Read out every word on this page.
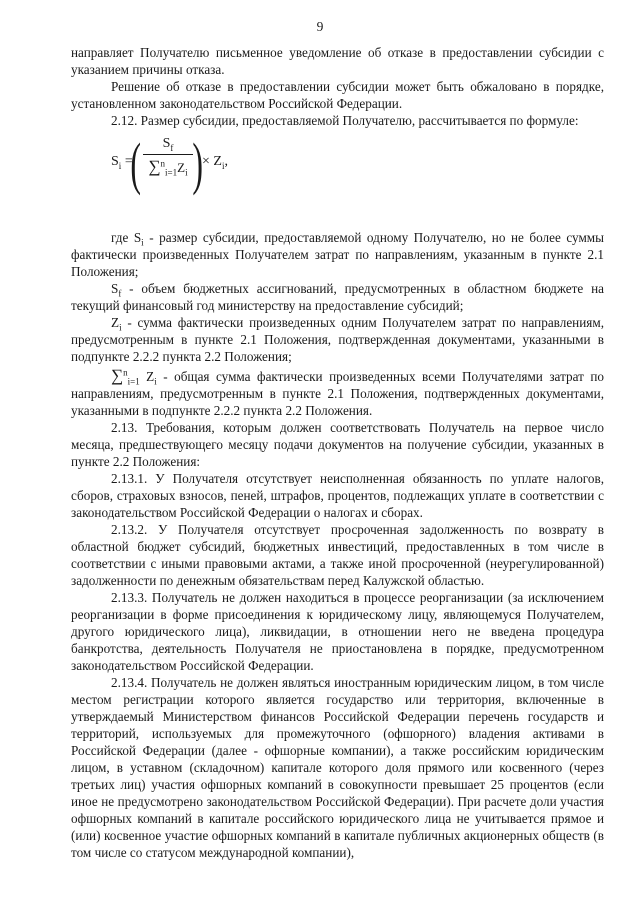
9

направляет Получателю письменное уведомление об отказе в предоставлении субсидии с указанием причины отказа.

Решение об отказе в предоставлении субсидии может быть обжаловано в порядке, установленном законодательством Российской Федерации.

2.12. Размер субсидии, предоставляемой Получателю, рассчитывается по формуле:

$S_i$ =
( $\frac{S_f}{\sum^n_{i=1}Z_i}$ ) × $Z_i$,

где $S_i$ - размер субсидии, предоставляемой одному Получателю, но не более суммы фактически произведенных Получателем затрат по направлениям, указанным в пункте 2.1 Положения;

$S_f$ - объем бюджетных ассигнований, предусмотренных в областном бюджете на текущий финансовый год министерству на предоставление субсидий;

$Z_i$ - сумма фактически произведенных одним Получателем затрат по направлениям, предусмотренным в пункте 2.1 Положения, подтвержденная документами, указанными в подпункте 2.2.2 пункта 2.2 Положения;

∑$^n_{i=1}$ $Z_i$ - общая сумма фактически произведенных всеми Получателями затрат по направлениям, предусмотренным в пункте 2.1 Положения, подтвержденных документами, указанными в подпункте 2.2.2 пункта 2.2 Положения.

2.13. Требования, которым должен соответствовать Получатель на первое число месяца, предшествующего месяцу подачи документов на получение субсидии, указанных в пункте 2.2 Положения:

2.13.1. У Получателя отсутствует неисполненная обязанность по уплате налогов, сборов, страховых взносов, пеней, штрафов, процентов, подлежащих уплате в соответствии с законодательством Российской Федерации о налогах и сборах.

2.13.2. У Получателя отсутствует просроченная задолженность по возврату в областной бюджет субсидий, бюджетных инвестиций, предоставленных в том числе в соответствии с иными правовыми актами, а также иной просроченной (неурегулированной) задолженности по денежным обязательствам перед Калужской областью.

2.13.3. Получатель не должен находиться в процессе реорганизации (за исключением реорганизации в форме присоединения к юридическому лицу, являющемуся Получателем, другого юридического лица), ликвидации, в отношении него не введена процедура банкротства, деятельность Получателя не приостановлена в порядке, предусмотренном законодательством Российской Федерации.

2.13.4. Получатель не должен являться иностранным юридическим лицом, в том числе местом регистрации которого является государство или территория, включенные в утверждаемый Министерством финансов Российской Федерации перечень государств и территорий, используемых для промежуточного (офшорного) владения активами в Российской Федерации (далее - офшорные компании), а также российским юридическим лицом, в уставном (складочном) капитале которого доля прямого или косвенного (через третьих лиц) участия офшорных компаний в совокупности превышает 25 процентов (если иное не предусмотрено законодательством Российской Федерации). При расчете доли участия офшорных компаний в капитале российского юридического лица не учитывается прямое и (или) косвенное участие офшорных компаний в капитале публичных акционерных обществ (в том числе со статусом международной компании),
